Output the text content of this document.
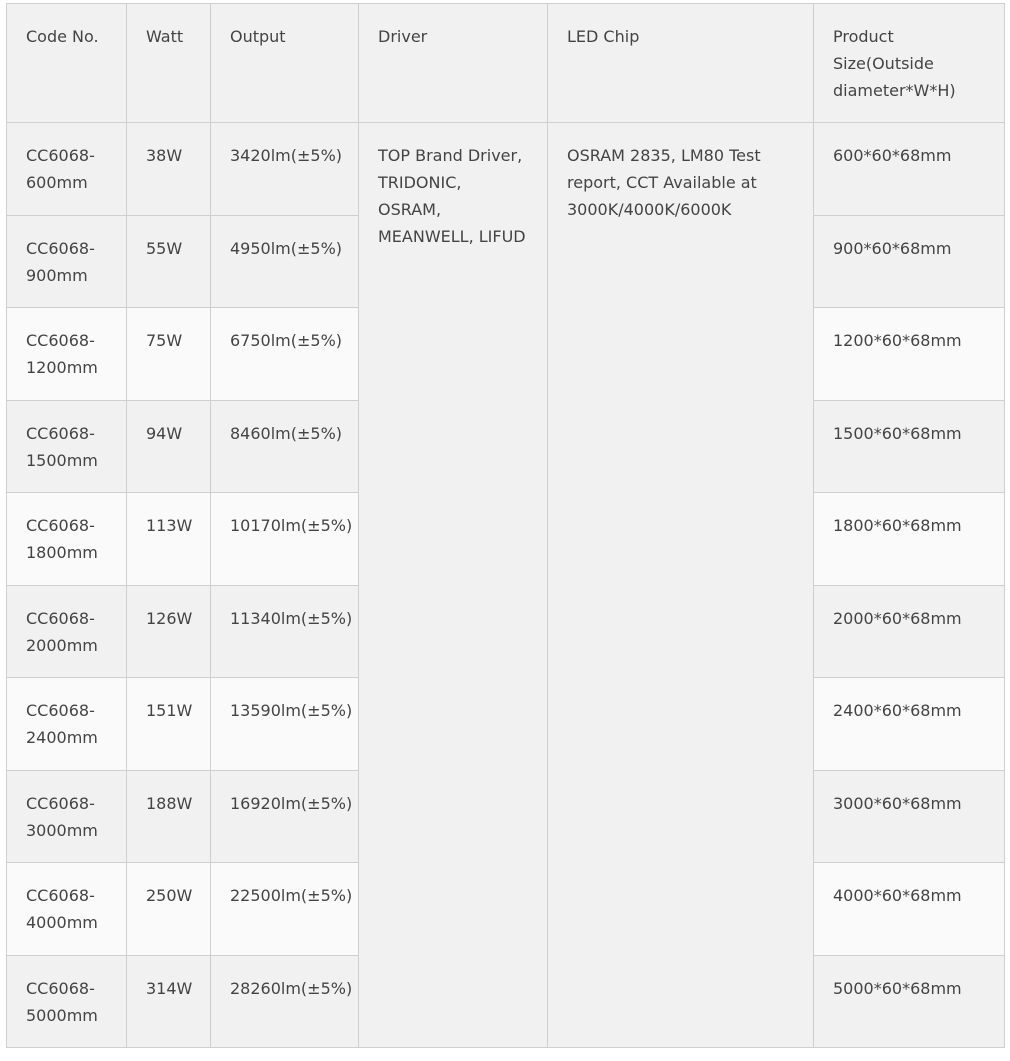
Code No.	Watt	Output	Driver	LED Chip	Product Size(Outside diameter*W*H)
CC6068-600mm	38W	3420lm(±5%)	TOP Brand Driver, TRIDONIC, OSRAM, MEANWELL, LIFUD	OSRAM 2835, LM80 Test report, CCT Available at 3000K/4000K/6000K	600*60*68mm
CC6068-900mm	55W	4950lm(±5%)			900*60*68mm
CC6068-1200mm	75W	6750lm(±5%)			1200*60*68mm
CC6068-1500mm	94W	8460lm(±5%)			1500*60*68mm
CC6068-1800mm	113W	10170lm(±5%)			1800*60*68mm
CC6068-2000mm	126W	11340lm(±5%)			2000*60*68mm
CC6068-2400mm	151W	13590lm(±5%)			2400*60*68mm
CC6068-3000mm	188W	16920lm(±5%)			3000*60*68mm
CC6068-4000mm	250W	22500lm(±5%)			4000*60*68mm
CC6068-5000mm	314W	28260lm(±5%)			5000*60*68mm
